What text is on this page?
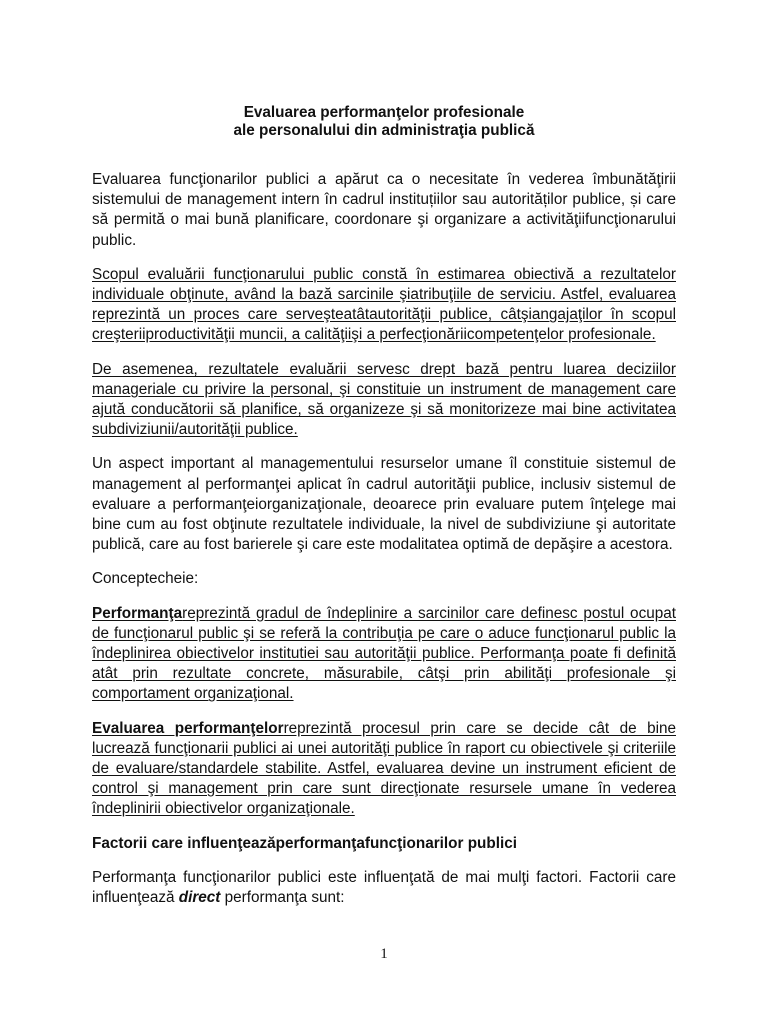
Evaluarea performanţelor profesionale

ale personalului din administraţia publică

Evaluarea funcţionarilor publici a apărut ca o necesitate în vederea îmbunătăţirii sistemului de management intern în cadrul instituțiilor sau autorităților publice, și care să permită o mai bună planificare, coordonare şi organizare a activităţiifuncţionarului public.

Scopul evaluării funcţionarului public constă în estimarea obiectivă a rezultatelor individuale obţinute, având la bază sarcinile şiatribuţiile de serviciu. Astfel, evaluarea reprezintă un proces care serveşteatâtautorităţii publice, câtşiangajaţilor în scopul creşteriiproductivităţii muncii, a calităţiişi a perfecţionăriicompetenţelor profesionale.

De asemenea, rezultatele evaluării servesc drept bază pentru luarea deciziilor manageriale cu privire la personal, şi constituie un instrument de management care ajută conducătorii să planifice, să organizeze şi să monitorizeze mai bine activitatea subdiviziunii/autorităţii publice.

Un aspect important al managementului resurselor umane îl constituie sistemul de management al performanţei aplicat în cadrul autorităţii publice, inclusiv sistemul de evaluare a performanţeiorganizaţionale, deoarece prin evaluare putem înţelege mai bine cum au fost obţinute rezultatele individuale, la nivel de subdiviziune şi autoritate publică, care au fost barierele şi care este modalitatea optimă de depăşire a acestora.

Conceptecheie:

Performanţareprezintă gradul de îndeplinire a sarcinilor care definesc postul ocupat de funcţionarul public şi se referă la contribuţia pe care o aduce funcţionarul public la îndeplinirea obiectivelor institutiei sau autorităţii publice. Performanţa poate fi definită atât prin rezultate concrete, măsurabile, câtşi prin abilităţi profesionale şi comportament organizaţional.

Evaluarea performanţelorreprezintă procesul prin care se decide cât de bine lucrează funcţionarii publici ai unei autorităţi publice în raport cu obiectivele şi criteriile de evaluare/standardele stabilite. Astfel, evaluarea devine un instrument eficient de control şi management prin care sunt direcţionate resursele umane în vederea îndeplinirii obiectivelor organizaţionale.

Factorii care influenţeazăperformanţafuncţionarilor publici

Performanţa funcţionarilor publici este influenţată de mai mulţi factori. Factorii care influenţează direct performanţa sunt:

1
